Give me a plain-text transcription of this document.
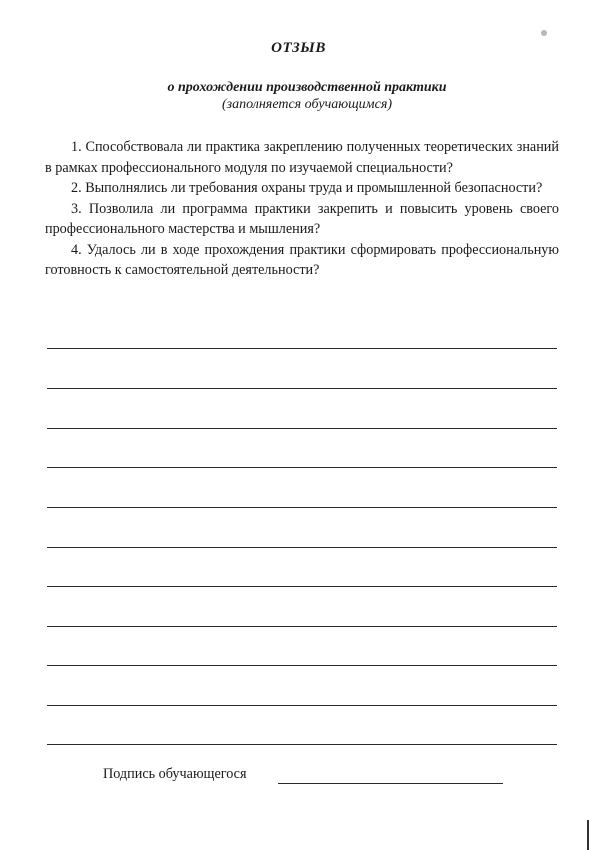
ОТЗЫВ
о прохождении производственной практики
(заполняется обучающимся)

1. Способствовала ли практика закреплению полученных теоретических знаний в рамках профессионального модуля по изучаемой специальности?

2. Выполнялись ли требования охраны труда и промышленной безопасности?

3. Позволила ли программа практики закрепить и повысить уровень своего профессионального мастерства и мышления?

4. Удалось ли в ходе прохождения практики сформировать профессиональную готовность к самостоятельной деятельности?

Подпись обучающегося
